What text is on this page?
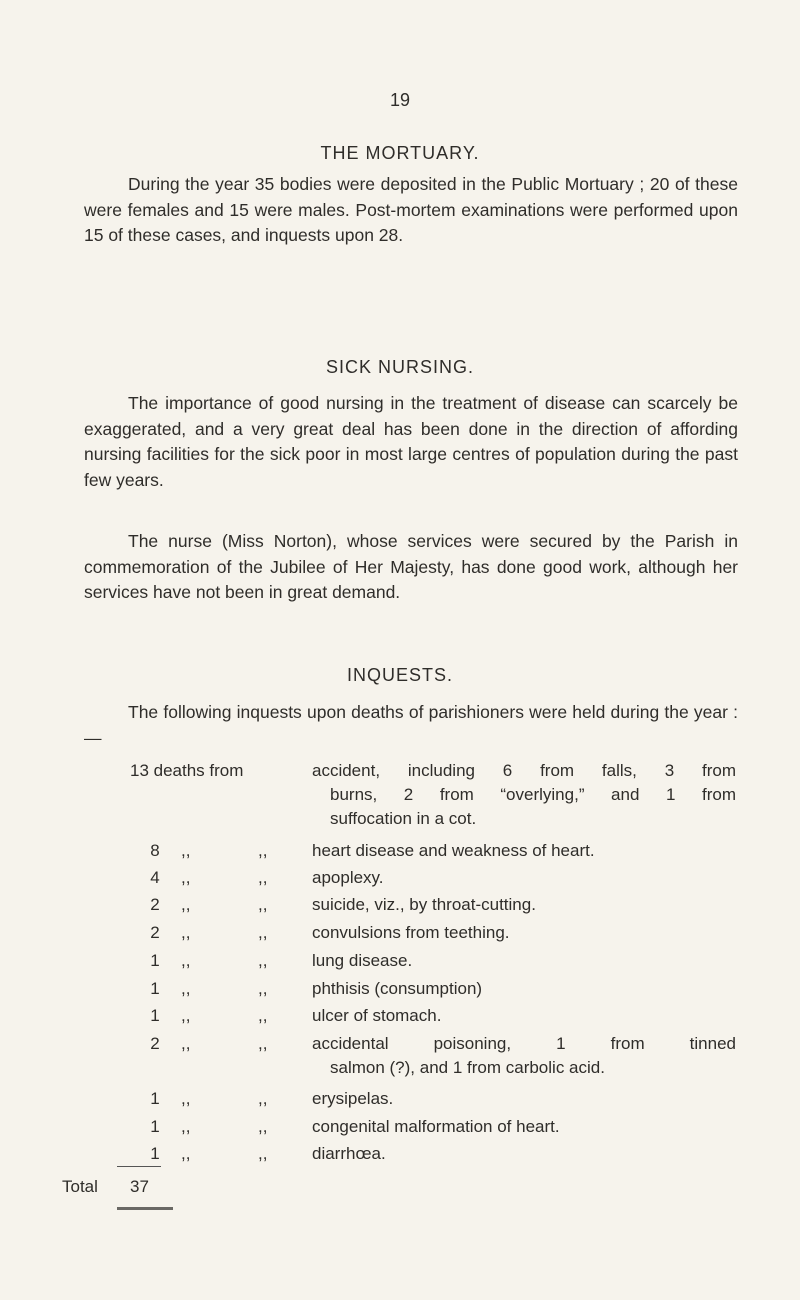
19
THE MORTUARY.
During the year 35 bodies were deposited in the Public Mortuary ; 20 of these were females and 15 were males. Post-mortem examinations were performed upon 15 of these cases, and inquests upon 28.
SICK NURSING.
The importance of good nursing in the treatment of disease can scarcely be exaggerated, and a very great deal has been done in the direction of affording nursing facilities for the sick poor in most large centres of population during the past few years.
The nurse (Miss Norton), whose services were secured by the Parish in commemoration of the Jubilee of Her Majesty, has done good work, although her services have not been in great demand.
INQUESTS.
The following inquests upon deaths of parishioners were held during the year :—
13 deaths from	accident, including 6 from falls, 3 from
burns, 2 from “overlying,” and 1 from
suffocation in a cot.
8	,,	,,	heart disease and weakness of heart.
4	,,	,,	apoplexy.
2	,,	,,	suicide, viz., by throat-cutting.
2	,,	,,	convulsions from teething.
1	,,	,,	lung disease.
1	,,	,,	phthisis (consumption)
1	,,	,,	ulcer of stomach.
2	,,	,,	accidental poisoning, 1 from tinned
salmon (?), and 1 from carbolic acid.
1	,,	,,	erysipelas.
1	,,	,,	congenital malformation of heart.
1	,,	,,	diarrhœa.
Total 37
